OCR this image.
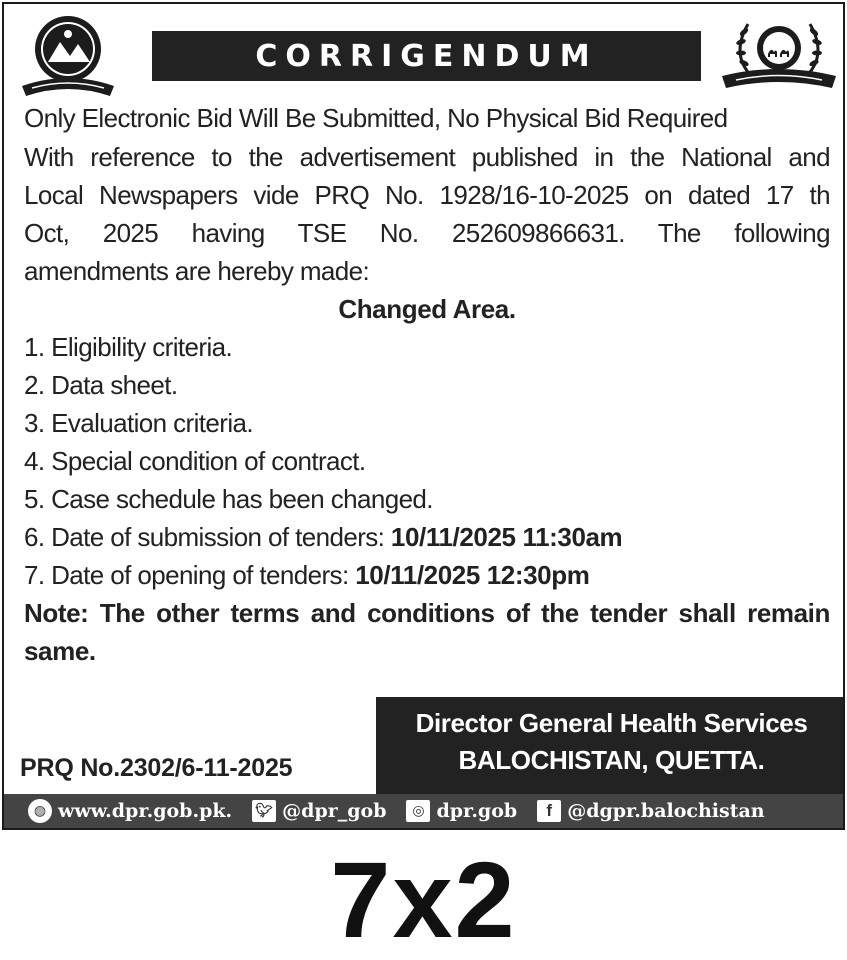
CORRIGENDUM
Only Electronic Bid Will Be Submitted, No Physical Bid Required
With reference to the advertisement published in the National and
Local Newspapers vide PRQ No. 1928/16-10-2025 on dated 17 th
Oct, 2025 having TSE No. 252609866631. The following
amendments are hereby made:
Changed Area.
1. Eligibility criteria.
2. Data sheet.
3. Evaluation criteria.
4. Special condition of contract.
5. Case schedule has been changed.
6. Date of submission of tenders: 10/11/2025 11:30am
7. Date of opening of tenders: 10/11/2025 12:30pm
Note: The other terms and conditions of the tender shall remain
same.
Director General Health Services
BALOCHISTAN, QUETTA.
PRQ No.2302/6-11-2025
◍ www.dpr.gob.pk. 🐦︎ @dpr_gob	◎ dpr.gob	f @dgpr.balochistan
7x2
